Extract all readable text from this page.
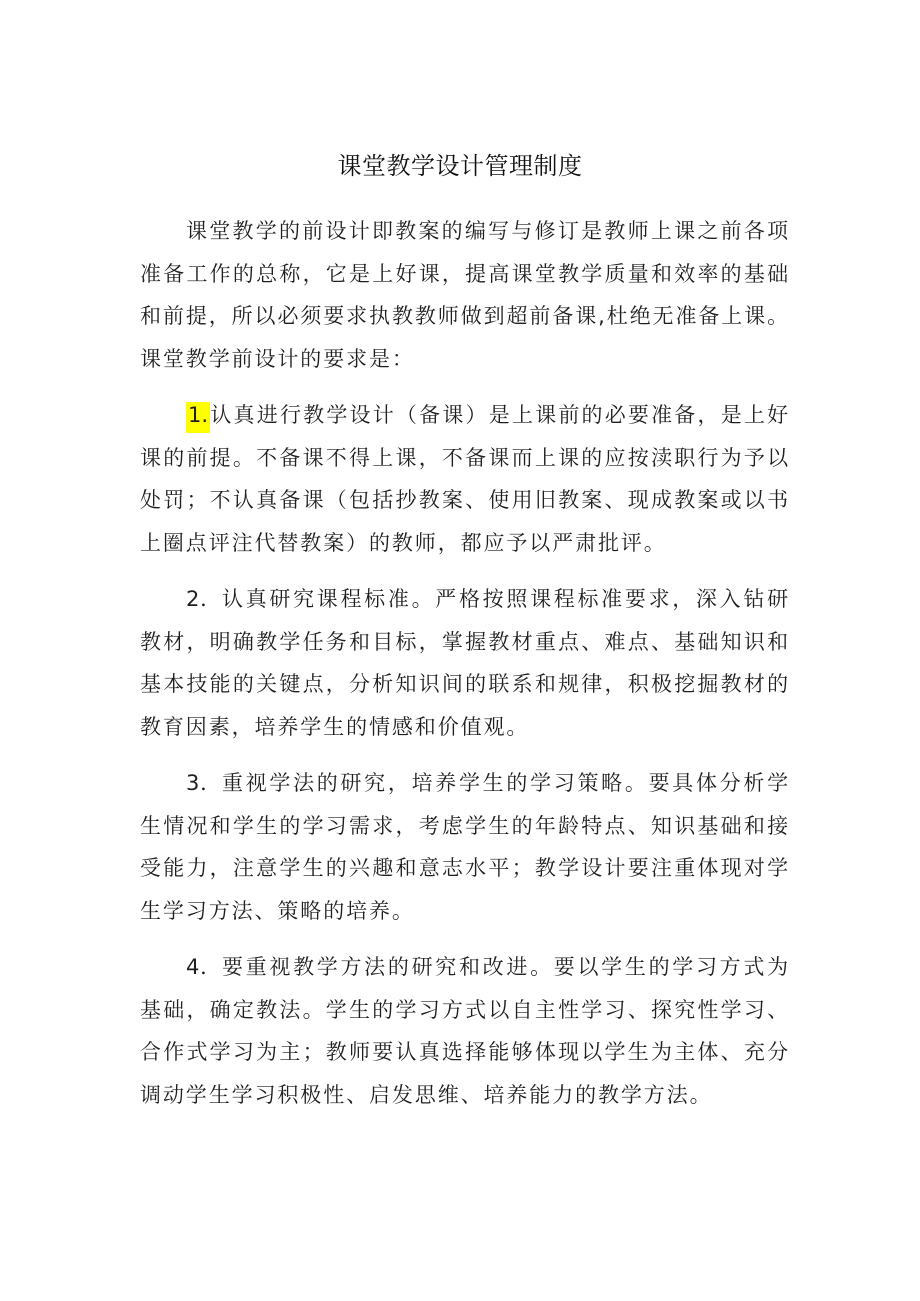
课堂教学设计管理制度

课堂教学的前设计即教案的编写与修订是教师上课之前各项准备工作的总称，它是上好课，提高课堂教学质量和效率的基础和前提，所以必须要求执教教师做到超前备课,杜绝无准备上课。课堂教学前设计的要求是：

1.认真进行教学设计（备课）是上课前的必要准备，是上好课的前提。不备课不得上课，不备课而上课的应按渎职行为予以处罚；不认真备课（包括抄教案、使用旧教案、现成教案或以书上圈点评注代替教案）的教师，都应予以严肃批评。

2．认真研究课程标准。严格按照课程标准要求，深入钻研教材，明确教学任务和目标，掌握教材重点、难点、基础知识和基本技能的关键点，分析知识间的联系和规律，积极挖掘教材的教育因素，培养学生的情感和价值观。

3．重视学法的研究，培养学生的学习策略。要具体分析学生情况和学生的学习需求，考虑学生的年龄特点、知识基础和接受能力，注意学生的兴趣和意志水平；教学设计要注重体现对学生学习方法、策略的培养。

4．要重视教学方法的研究和改进。要以学生的学习方式为基础，确定教法。学生的学习方式以自主性学习、探究性学习、合作式学习为主；教师要认真选择能够体现以学生为主体、充分调动学生学习积极性、启发思维、培养能力的教学方法。
